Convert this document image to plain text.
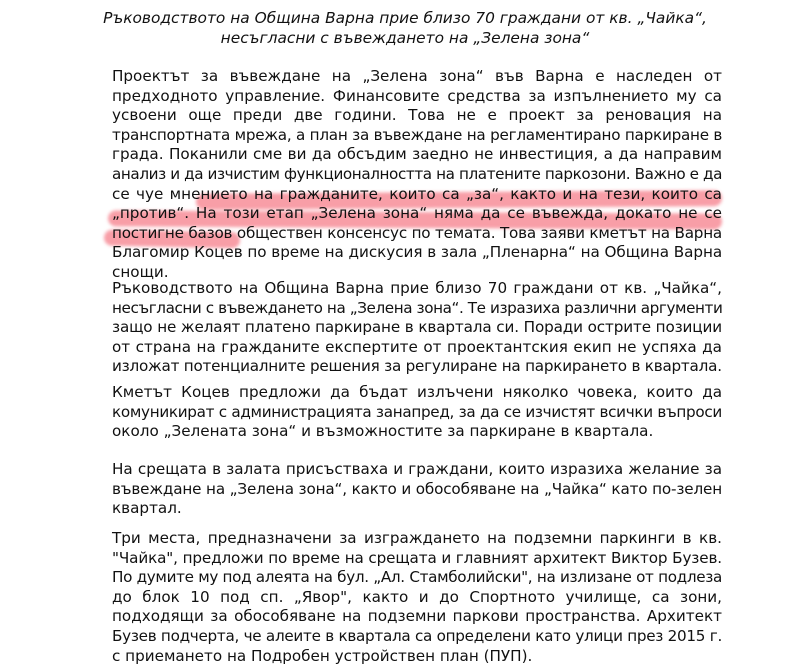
Ръководството на Община Варна прие близо 70 граждани от кв. „Чайка“,
несъгласни с въвеждането на „Зелена зона“
Проектът за въвеждане на „Зелена зона“ във Варна е наследен от
предходното управление. Финансовите средства за изпълнението му са
усвоени още преди две години. Това не е проект за реновация на
транспортната мрежа, а план за въвеждане на регламентирано паркиране в
града. Поканили сме ви да обсъдим заедно не инвестиция, а да направим
анализ и да изчистим функционалността на платените паркозони. Важно е да
се чуе мнението на гражданите, които са „за“, както и на тези, които са
„против“. На този етап „Зелена зона“ няма да се въвежда, докато не се
постигне базов обществен консенсус по темата. Това заяви кметът на Варна
Благомир Коцев по време на дискусия в зала „Пленарна“ на Община Варна
снощи.
Ръководството на Община Варна прие близо 70 граждани от кв. „Чайка“,
несъгласни с въвеждането на „Зелена зона“. Те изразиха различни аргументи
защо не желаят платено паркиране в квартала си. Поради острите позиции
от страна на гражданите експертите от проектантския екип не успяха да
изложат потенциалните решения за регулиране на паркирането в квартала.
Кметът Коцев предложи да бъдат излъчени няколко човека, които да
комуникират с администрацията занапред, за да се изчистят всички въпроси
около „Зелената зона“ и възможностите за паркиране в квартала.
На срещата в залата присъстваха и граждани, които изразиха желание за
въвеждане на „Зелена зона“, както и обособяване на „Чайка“ като по-зелен
квартал.
Три места, предназначени за изграждането на подземни паркинги в кв.
"Чайка", предложи по време на срещата и главният архитект Виктор Бузев.
По думите му под алеята на бул. „Ал. Стамболийски", на излизане от подлеза
до блок 10 под сп. „Явор", както и до Спортното училище, са зони,
подходящи за обособяване на подземни паркови пространства. Архитект
Бузев подчерта, че алеите в квартала са определени като улици през 2015 г.
с приемането на Подробен устройствен план (ПУП).
